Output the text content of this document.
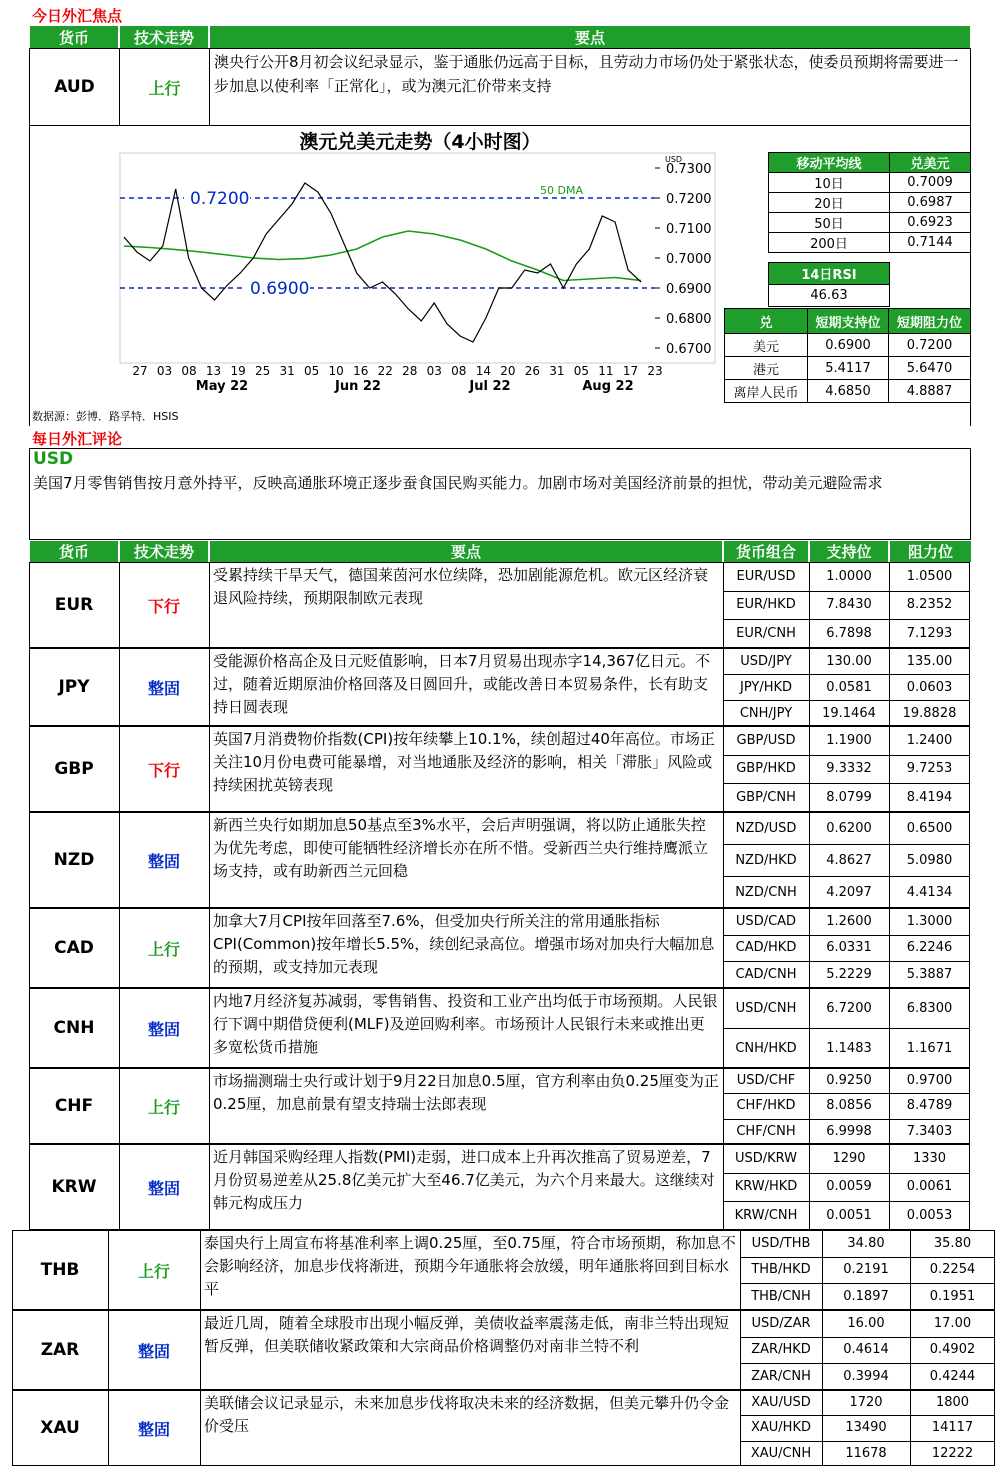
今日外汇焦点
货币	技术走势	要点
AUD	上行
澳央行公开8月初会议纪录显示，鉴于通胀仍远高于目标，且劳动力市场仍处于紧张状态，使委员预期将需要进一步加息以使利率「正常化」，或为澳元汇价带来支持
澳元兑美元走势（4小时图）
0.7200
0.6900
50 DMA
USD
0.7300
0.7200
0.7100
0.7000
0.6900
0.6800
0.6700
27 03 08 13 19 25 31 05 10 16 22 28 03 08 14 20 26 31 05 11 17 23
May 22	Jun 22	Jul 22	Aug 22
移动平均线	兑美元
10日	0.7009
20日	0.6987
50日	0.6923
200日	0.7144
14日RSI
46.63
兑	短期支持位	短期阻力位
美元	0.6900	0.7200
港元	5.4117	5.6470
离岸人民币	4.6850	4.8887
数据源：彭博．路孚特．HSIS
每日外汇评论
USD
美国7月零售销售按月意外持平，反映高通胀环境正逐步蚕食国民购买能力。加剧市场对美国经济前景的担忧，带动美元避险需求
货币	技术走势	要点	货币组合	支持位	阻力位
EUR	下行
受累持续干旱天气，德国莱茵河水位续降，恐加剧能源危机。欧元区经济衰退风险持续，预期限制欧元表现
EUR/USD	1.0000	1.0500
EUR/HKD	7.8430	8.2352
EUR/CNH	6.7898	7.1293
JPY	整固
受能源价格高企及日元贬值影响，日本7月贸易出现赤字14,367亿日元。不过，随着近期原油价格回落及日圆回升，或能改善日本贸易条件，长有助支持日圆表现
USD/JPY	130.00	135.00
JPY/HKD	0.0581	0.0603
CNH/JPY	19.1464	19.8828
GBP	下行
英国7月消费物价指数(CPI)按年续攀上10.1%，续创超过40年高位。市场正关注10月份电费可能暴增，对当地通胀及经济的影响，相关「滞胀」风险或持续困扰英镑表现
GBP/USD	1.1900	1.2400
GBP/HKD	9.3332	9.7253
GBP/CNH	8.0799	8.4194
NZD	整固
新西兰央行如期加息50基点至3%水平，会后声明强调，将以防止通胀失控为优先考虑，即使可能牺牲经济增长亦在所不惜。受新西兰央行维持鹰派立场支持，或有助新西兰元回稳
NZD/USD	0.6200	0.6500
NZD/HKD	4.8627	5.0980
NZD/CNH	4.2097	4.4134
CAD	上行
加拿大7月CPI按年回落至7.6%，但受加央行所关注的常用通胀指标CPI(Common)按年增长5.5%，续创纪录高位。增强市场对加央行大幅加息的预期，或支持加元表现
USD/CAD	1.2600	1.3000
CAD/HKD	6.0331	6.2246
CAD/CNH	5.2229	5.3887
CNH	整固
内地7月经济复苏减弱，零售销售、投资和工业产出均低于市场预期。人民银行下调中期借贷便利(MLF)及逆回购利率。市场预计人民银行未来或推出更多宽松货币措施
USD/CNH	6.7200	6.8300
CNH/HKD	1.1483	1.1671
CHF	上行
市场揣测瑞士央行或计划于9月22日加息0.5厘，官方利率由负0.25厘变为正0.25厘，加息前景有望支持瑞士法郎表现
USD/CHF	0.9250	0.9700
CHF/HKD	8.0856	8.4789
CHF/CNH	6.9998	7.3403
KRW	整固
近月韩国采购经理人指数(PMI)走弱，进口成本上升再次推高了贸易逆差，7月份贸易逆差从25.8亿美元扩大至46.7亿美元，为六个月来最大。这继续对韩元构成压力
USD/KRW	1290	1330
KRW/HKD	0.0059	0.0061
KRW/CNH	0.0051	0.0053
THB	上行
泰国央行上周宣布将基准利率上调0.25厘，至0.75厘，符合市场预期，称加息不会影响经济，加息步伐将渐进，预期今年通胀将会放缓，明年通胀将回到目标水平
USD/THB	34.80	35.80
THB/HKD	0.2191	0.2254
THB/CNH	0.1897	0.1951
ZAR	整固
最近几周，随着全球股市出现小幅反弹，美债收益率震荡走低，南非兰特出现短暂反弹，但美联储收紧政策和大宗商品价格调整仍对南非兰特不利
USD/ZAR	16.00	17.00
ZAR/HKD	0.4614	0.4902
ZAR/CNH	0.3994	0.4244
XAU	整固
美联储会议记录显示，未来加息步伐将取决未来的经济数据，但美元攀升仍令金价受压
XAU/USD	1720	1800
XAU/HKD	13490	14117
XAU/CNH	11678	12222
